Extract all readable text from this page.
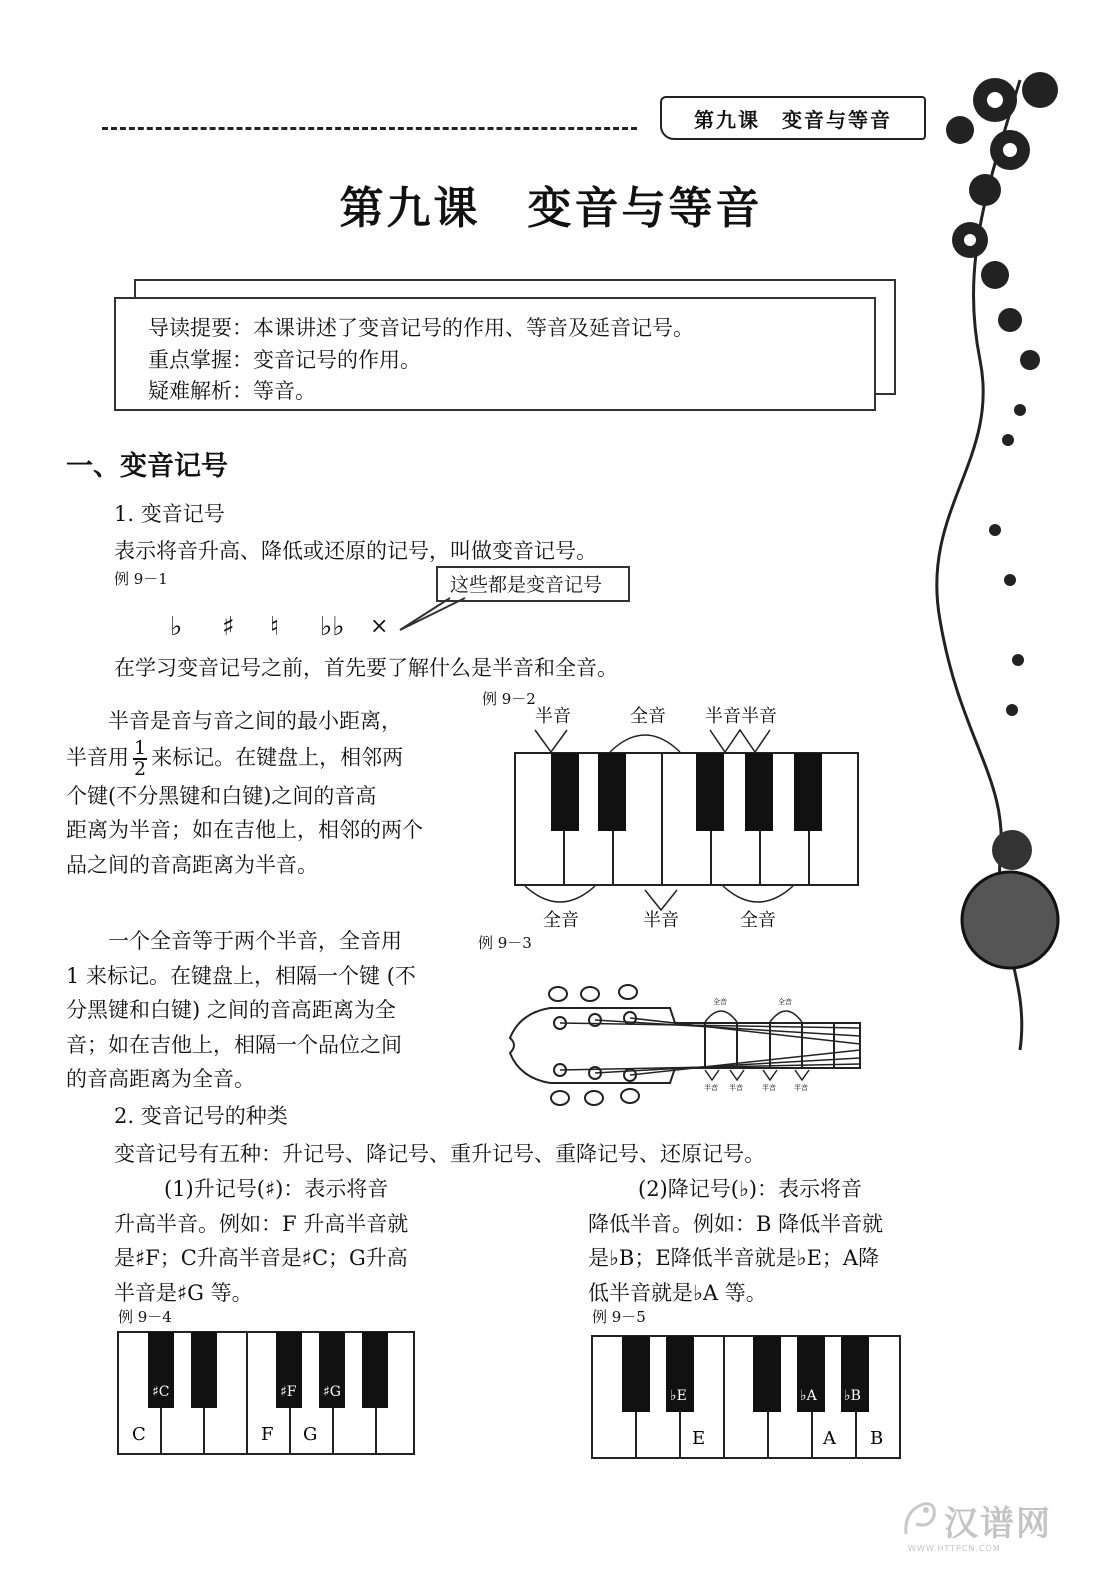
第九课　变音与等音
第九课　变音与等音
导读提要：本课讲述了变音记号的作用、等音及延音记号。
重点掌握：变音记号的作用。
疑难解析：等音。
一、变音记号
1. 变音记号
表示将音升高、降低或还原的记号，叫做变音记号。
例 9－1	这些都是变音记号
♭ ♯ ♮ ♭♭ ×
在学习变音记号之前，首先要了解什么是半音和全音。
半音是音与音之间的最小距离，
半音用 $\frac{1}{2}$ 来标记。在键盘上，相邻两
个键(不分黑键和白键)之间的音高
距离为半音；如在吉他上，相邻的两个
品之间的音高距离为半音。
例 9－2
半音	全音 半音 半音
全音	半音	全音
一个全音等于两个半音，全音用
1 来标记。在键盘上，相隔一个键 (不
分黑键和白键) 之间的音高距离为全
音；如在吉他上，相隔一个品位之间
的音高距离为全音。
例 9－3
全音	全音
半音 半音	半音	半音
2. 变音记号的种类
变音记号有五种：升记号、降记号、重升记号、重降记号、还原记号。
(1)升记号(♯)：表示将音
升高半音。例如：F 升高半音就
是♯F；C升高半音是♯C；G升高
半音是♯G 等。
(2)降记号(♭)：表示将音
降低半音。例如：B 降低半音就
是♭B；E降低半音就是♭E；A降
低半音就是♭A 等。
例 9－4
♯C	♯F ♯G
C	F G
例 9－5
♭E	♭A ♭B
E	A B
汉谱网
WWW.HTTPCN.COM
